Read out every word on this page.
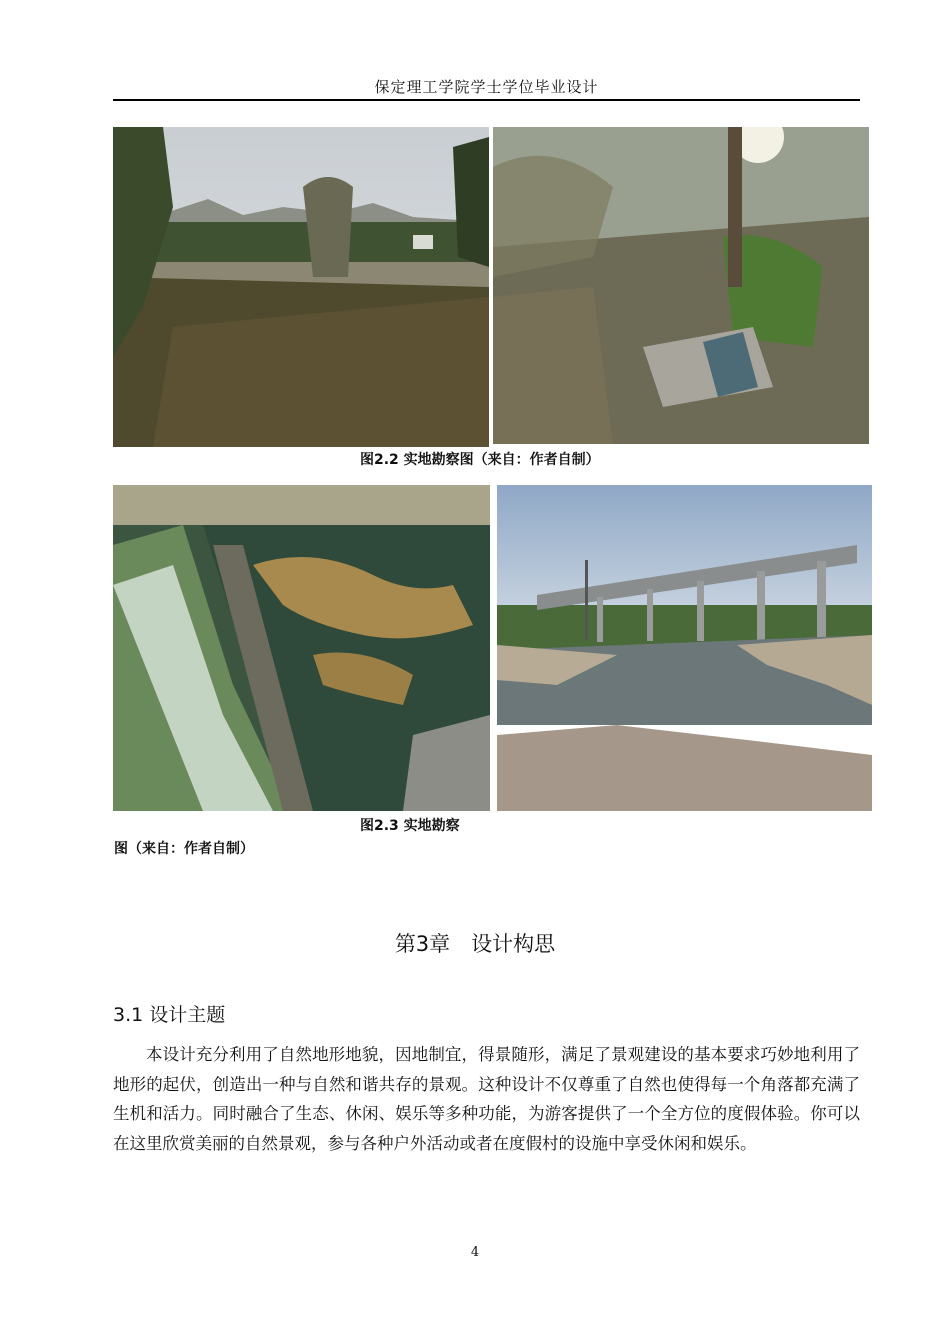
保定理工学院学士学位毕业设计
图2.2 实地勘察图（来自：作者自制）
图2.3 实地勘察
图（来自：作者自制）
第3章　设计构思
3.1 设计主题
本设计充分利用了自然地形地貌，因地制宜，得景随形，满足了景观建设的基本要求巧妙地利用了地形的起伏，创造出一种与自然和谐共存的景观。这种设计不仅尊重了自然也使得每一个角落都充满了生机和活力。同时融合了生态、休闲、娱乐等多种功能，为游客提供了一个全方位的度假体验。你可以在这里欣赏美丽的自然景观，参与各种户外活动或者在度假村的设施中享受休闲和娱乐。
4
